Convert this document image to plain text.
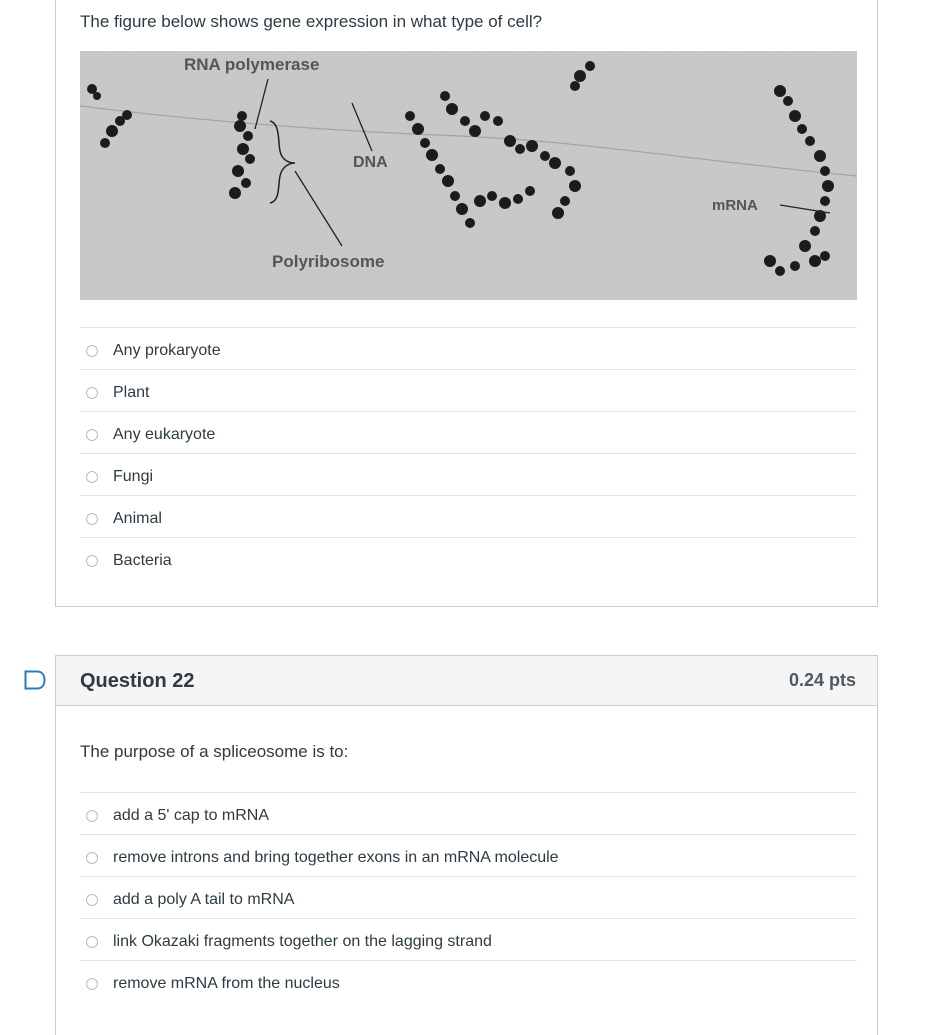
The figure below shows gene expression in what type of cell?
RNA polymerase
DNA
mRNA
Polyribosome
Any prokaryote
Plant
Any eukaryote
Fungi
Animal
Bacteria
Question 22	0.24 pts
The purpose of a spliceosome is to:
add a 5' cap to mRNA
remove introns and bring together exons in an mRNA molecule
add a poly A tail to mRNA
link Okazaki fragments together on the lagging strand
remove mRNA from the nucleus
